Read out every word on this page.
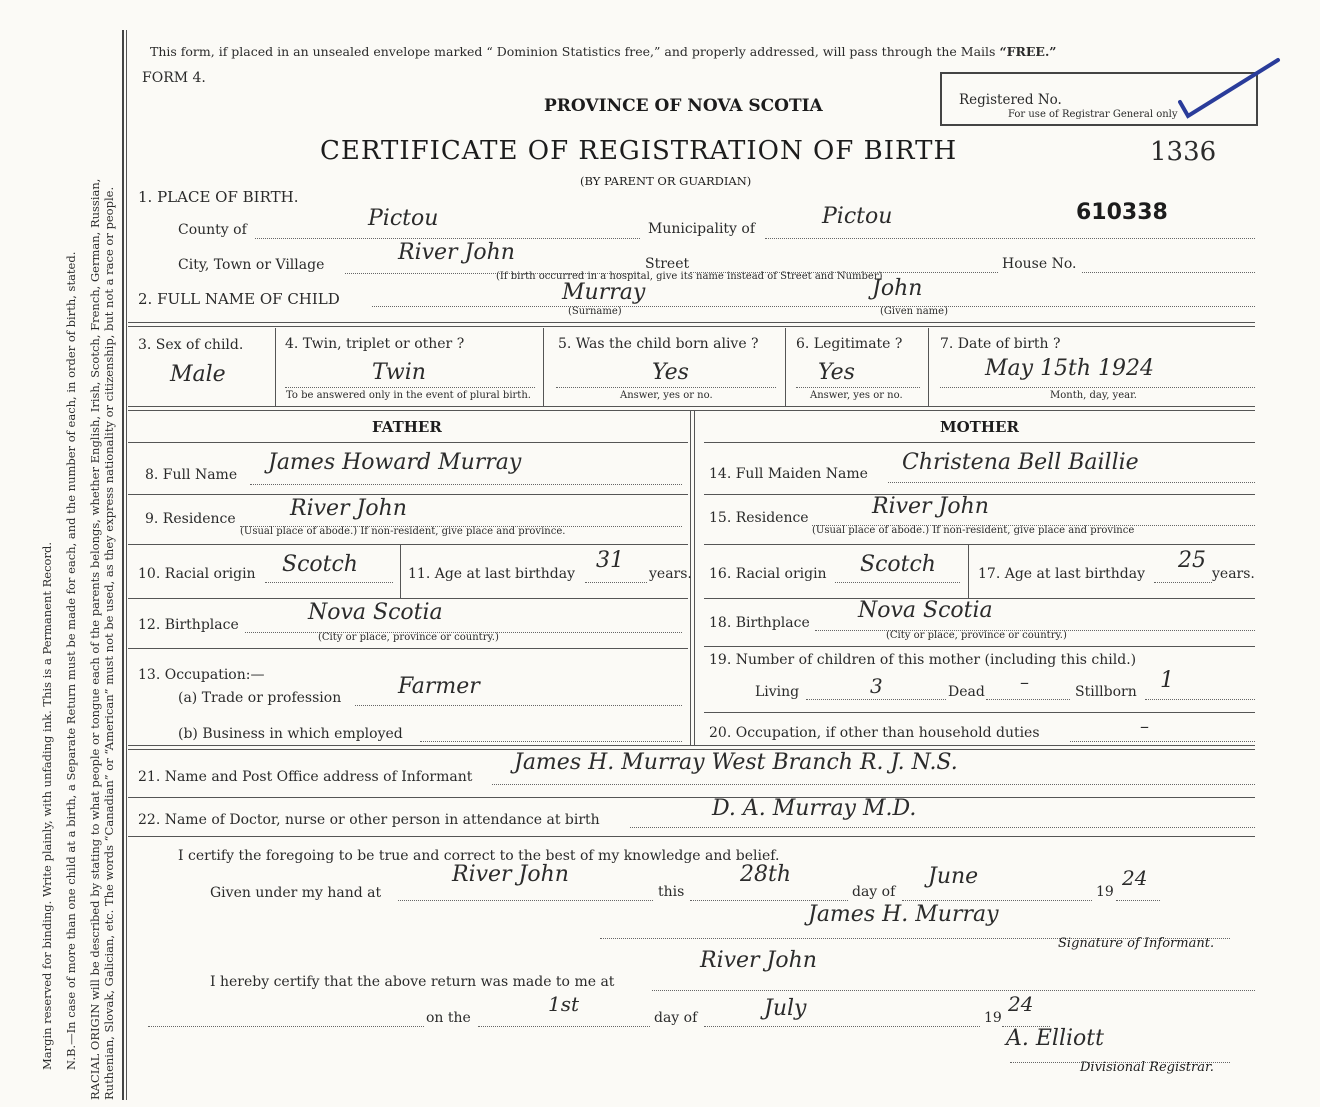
Margin reserved for binding. Write plainly, with unfading ink. This is a Permanent Record. N.B.—In case of more than one child at a birth, a Separate Return must be made for each, and the number of each, in order of birth, stated. RACIAL ORIGIN will be described by stating to what people or tongue each of the parents belongs, whether English, Irish, Scotch, French, German, Russian, Ruthenian, Slovak, Galician, etc. The words “Canadian” or “American” must not be used, as they express nationality or citizenship, but not a race or people.
This form, if placed in an unsealed envelope marked “ Dominion Statistics free,” and properly addressed, will pass through the Mails “FREE.”
FORM 4.
PROVINCE OF NOVA SCOTIA
CERTIFICATE OF REGISTRATION OF BIRTH
(BY PARENT OR GUARDIAN)
Registered No.
For use of Registrar General only
1336
610338
1. PLACE OF BIRTH.
County of	Pictou	Municipality of	Pictou
City, Town or Village	River John
(If birth occurred in a hospital, give its name instead of Street and Number)
Street	House No.
2. FULL NAME OF CHILD	Murray
(Surname)
John
(Given name)
3. Sex of child.
Male
4. Twin, triplet or other ?
Twin
To be answered only in the event of plural birth.
5. Was the child born alive ?
Yes
Answer, yes or no.
6. Legitimate ?
Yes
Answer, yes or no.
7. Date of birth ?
May 15th 1924
Month, day, year.
FATHER	MOTHER
8. Full Name James Howard Murray
9. Residence River John
(Usual place of abode.) If non-resident, give place and province.
10. Racial origin Scotch	11. Age at last birthday
31
years.
12. Birthplace	Nova Scotia
(City or place, province or country.)
13. Occupation:—
(a) Trade or profession	Farmer
(b) Business in which employed
14. Full Maiden Name Christena Bell Baillie
15. Residence	River John
(Usual place of abode.) If non-resident, give place and province
16. Racial origin Scotch	17. Age at last birthday
25
years.
18. Birthplace Nova Scotia
(City or place, province or country.)
19. Number of children of this mother (including this child.)
Living	3	Dead –	Stillborn 1
20. Occupation, if other than household duties	–
21. Name and Post Office address of Informant
James H. Murray West Branch R. J. N.S.
22. Name of Doctor, nurse or other person in attendance at birth	D. A. Murray M.D.
I certify the foregoing to be true and correct to the best of my knowledge and belief.
Given under my hand at
River John
this
28th
day of
June
19
24
James H. Murray
Signature of Informant.
I hereby certify that the above return was made to me at
River John
on the
1st
day of	July	19
24
A. Elliott
Divisional Registrar.
